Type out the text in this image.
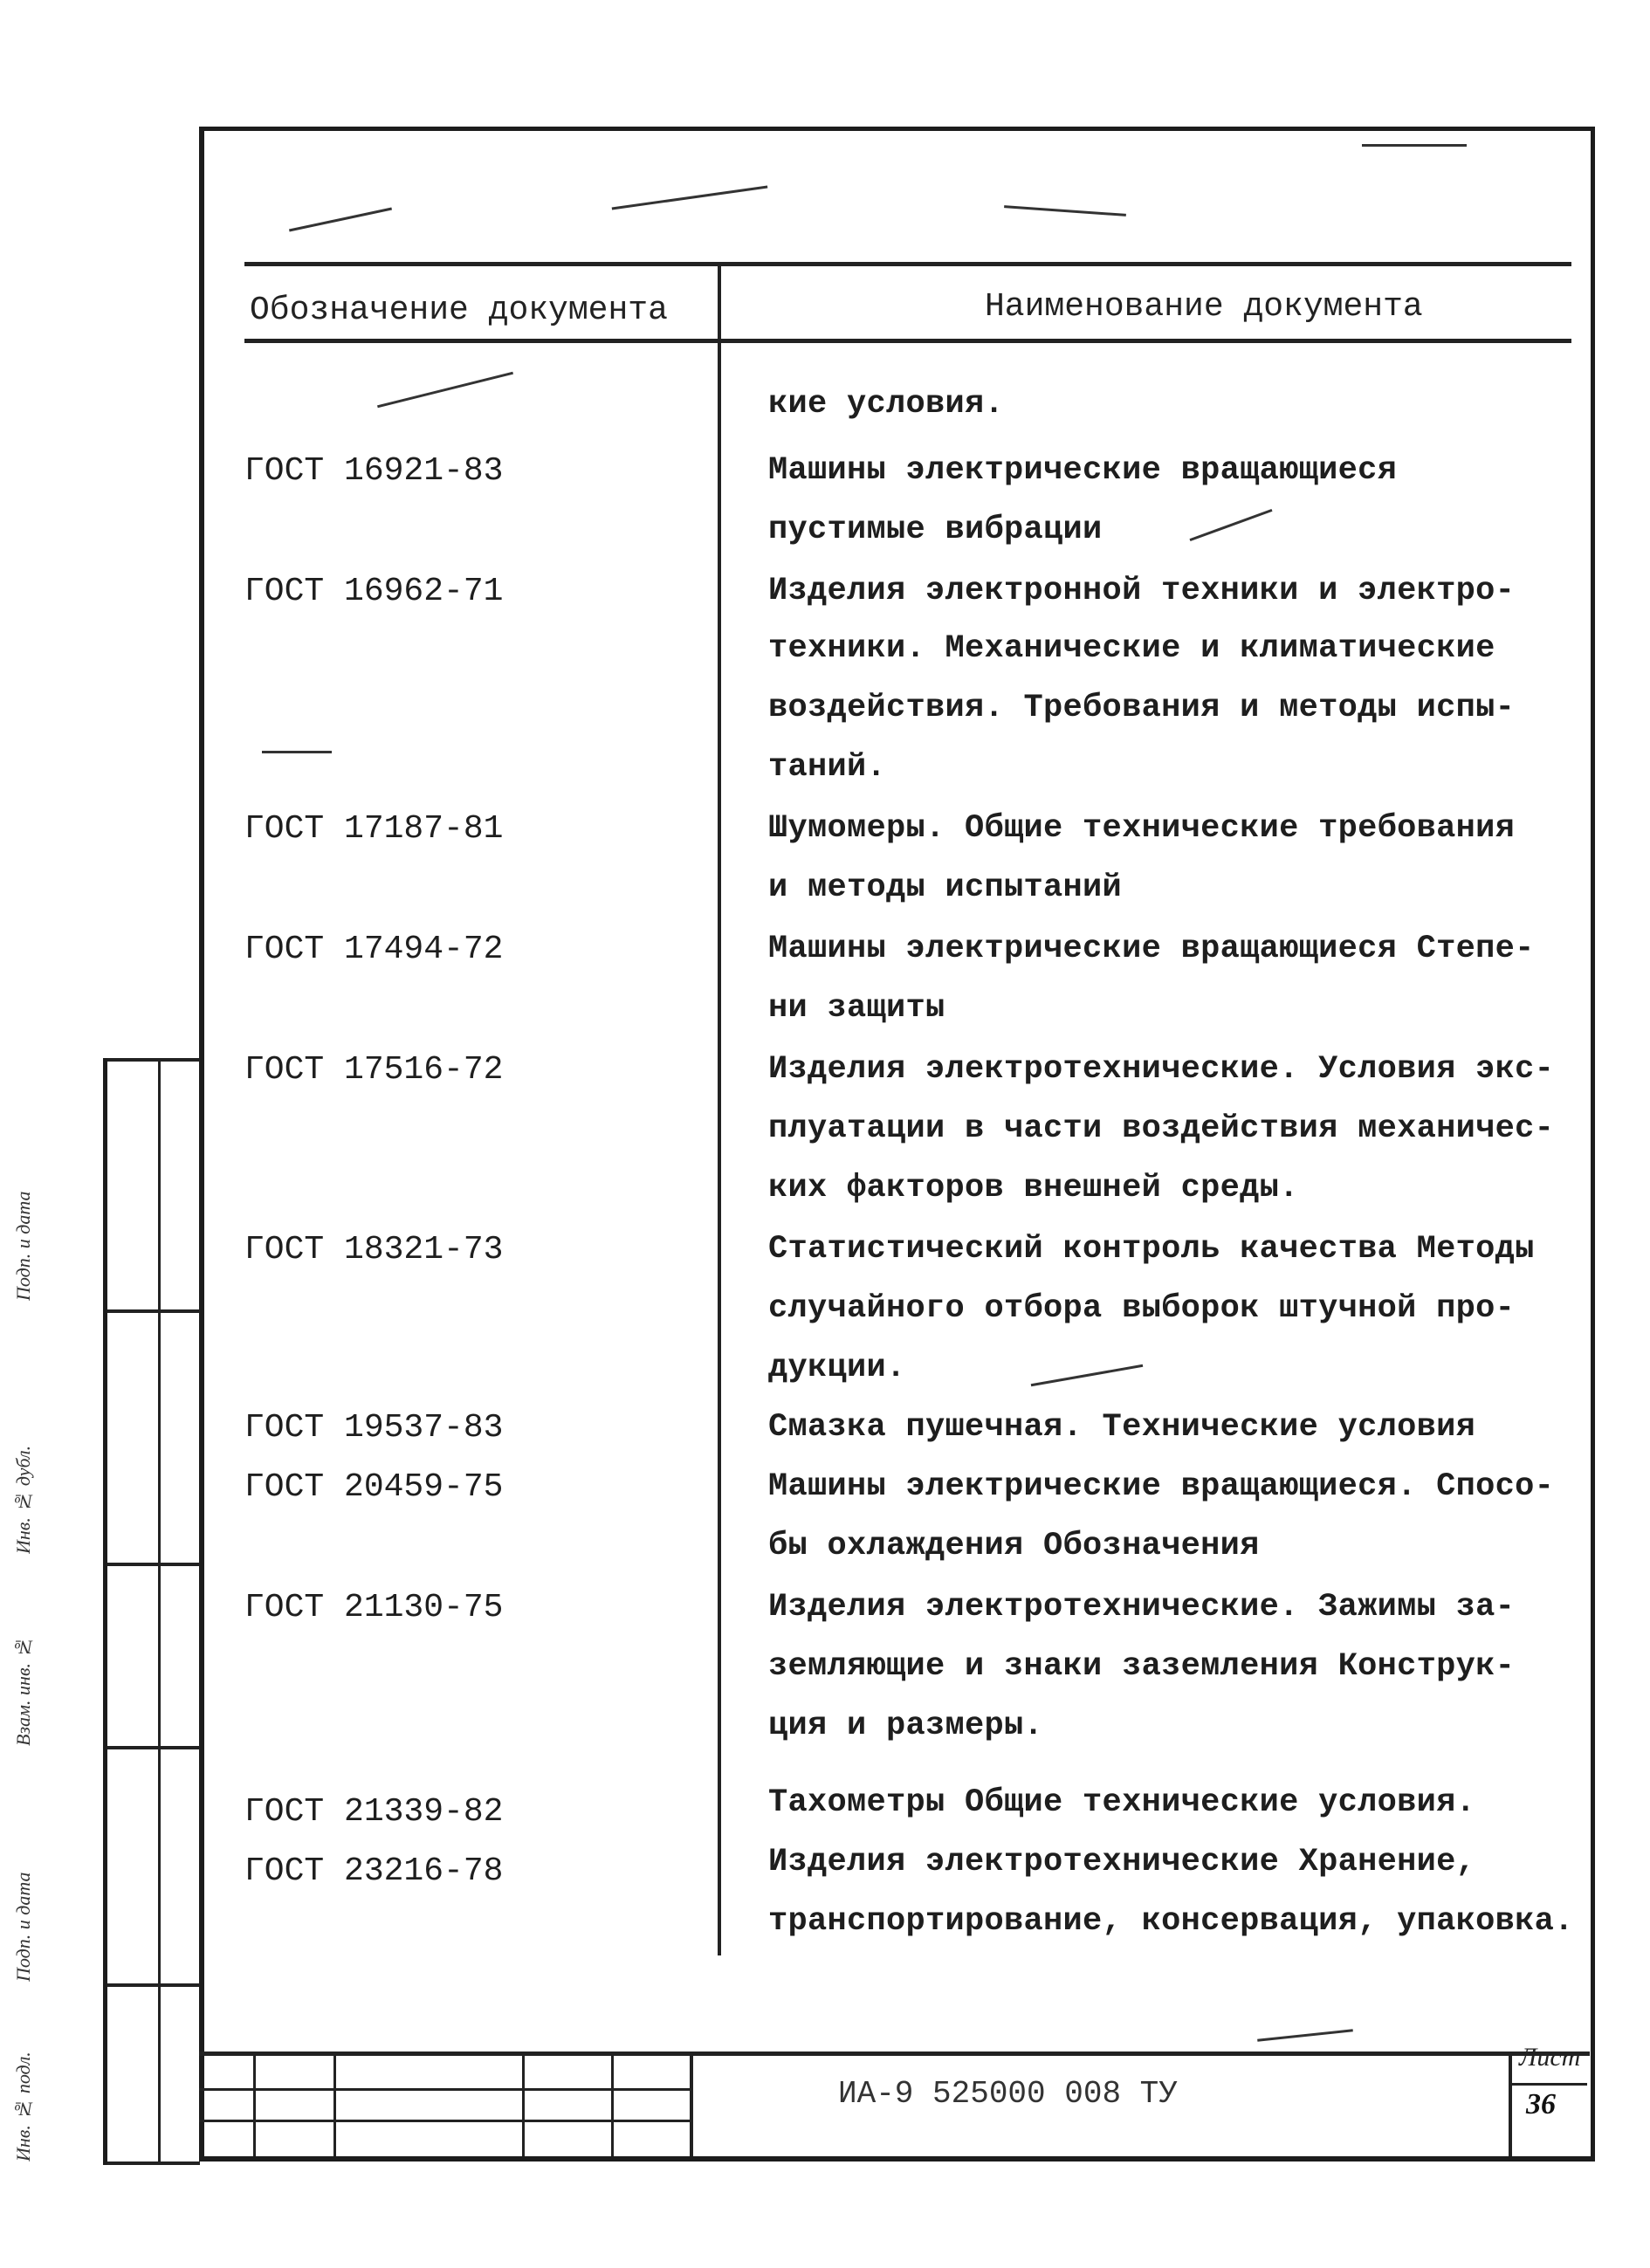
Обозначение документа	Наименование документа
кие условия.
ГОСТ 16921-83	Машины электрические вращающиеся
пустимые вибрации
ГОСТ 16962-71	Изделия электронной техники и электро-
техники. Механические и климатические
воздействия. Требования и методы испы-
таний.
ГОСТ 17187-81	Шумомеры. Общие технические требования
и методы испытаний
ГОСТ 17494-72	Машины электрические вращающиеся Степе-
ни защиты
ГОСТ 17516-72	Изделия электротехнические. Условия экс-
плуатации в части воздействия механичес-
ких факторов внешней среды.
ГОСТ 18321-73	Статистический контроль качества Методы
случайного отбора выборок штучной про-
дукции.
ГОСТ 19537-83	Смазка пушечная. Технические условия
ГОСТ 20459-75	Машины электрические вращающиеся. Спосо-
бы охлаждения Обозначения
ГОСТ 21130-75	Изделия электротехнические. Зажимы за-
земляющие и знаки заземления Конструк-
ция и размеры.
ГОСТ 21339-82	Тахометры Общие технические условия.
ГОСТ 23216-78	Изделия электротехнические Хранение,
транспортирование, консервация, упаковка.
ИА-9 525000 008 ТУ
Лист
36
Подп. и дата
Инв. № дубл.
Взам. инв. №
Подп. и дата
Инв. № подл.
